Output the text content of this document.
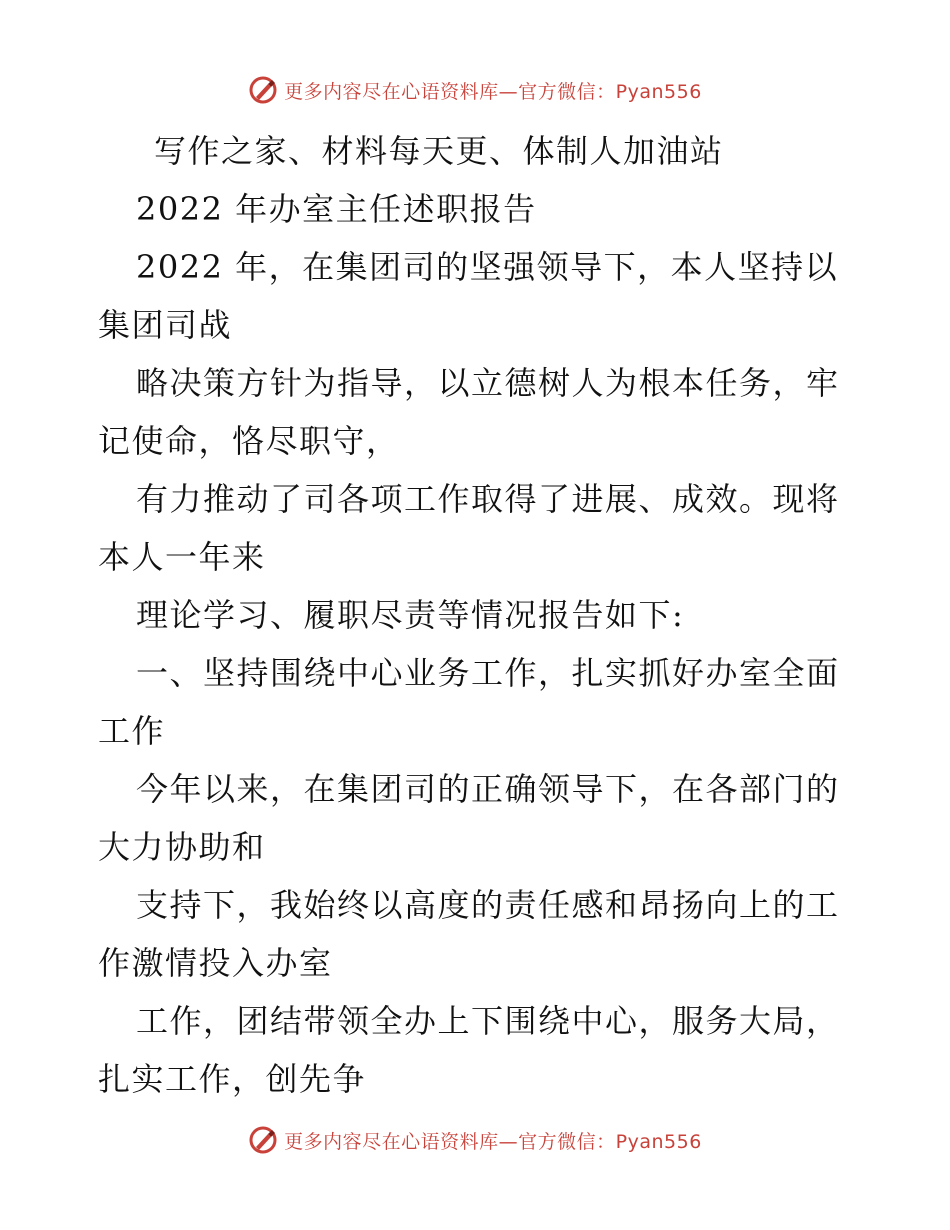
更多内容尽在心语资料库—官方微信：Pyan556
写作之家、材料每天更、体制人加油站
2022 年办室主任述职报告
2022 年，在集团司的坚强领导下，本人坚持以
集团司战
略决策方针为指导，以立德树人为根本任务，牢
记使命，恪尽职守，
有力推动了司各项工作取得了进展、成效。现将
本人一年来
理论学习、履职尽责等情况报告如下:
一、坚持围绕中心业务工作，扎实抓好办室全面
工作
今年以来，在集团司的正确领导下，在各部门的
大力协助和
支持下，我始终以高度的责任感和昂扬向上的工
作激情投入办室
工作，团结带领全办上下围绕中心，服务大局，
扎实工作，创先争
更多内容尽在心语资料库—官方微信：Pyan556
